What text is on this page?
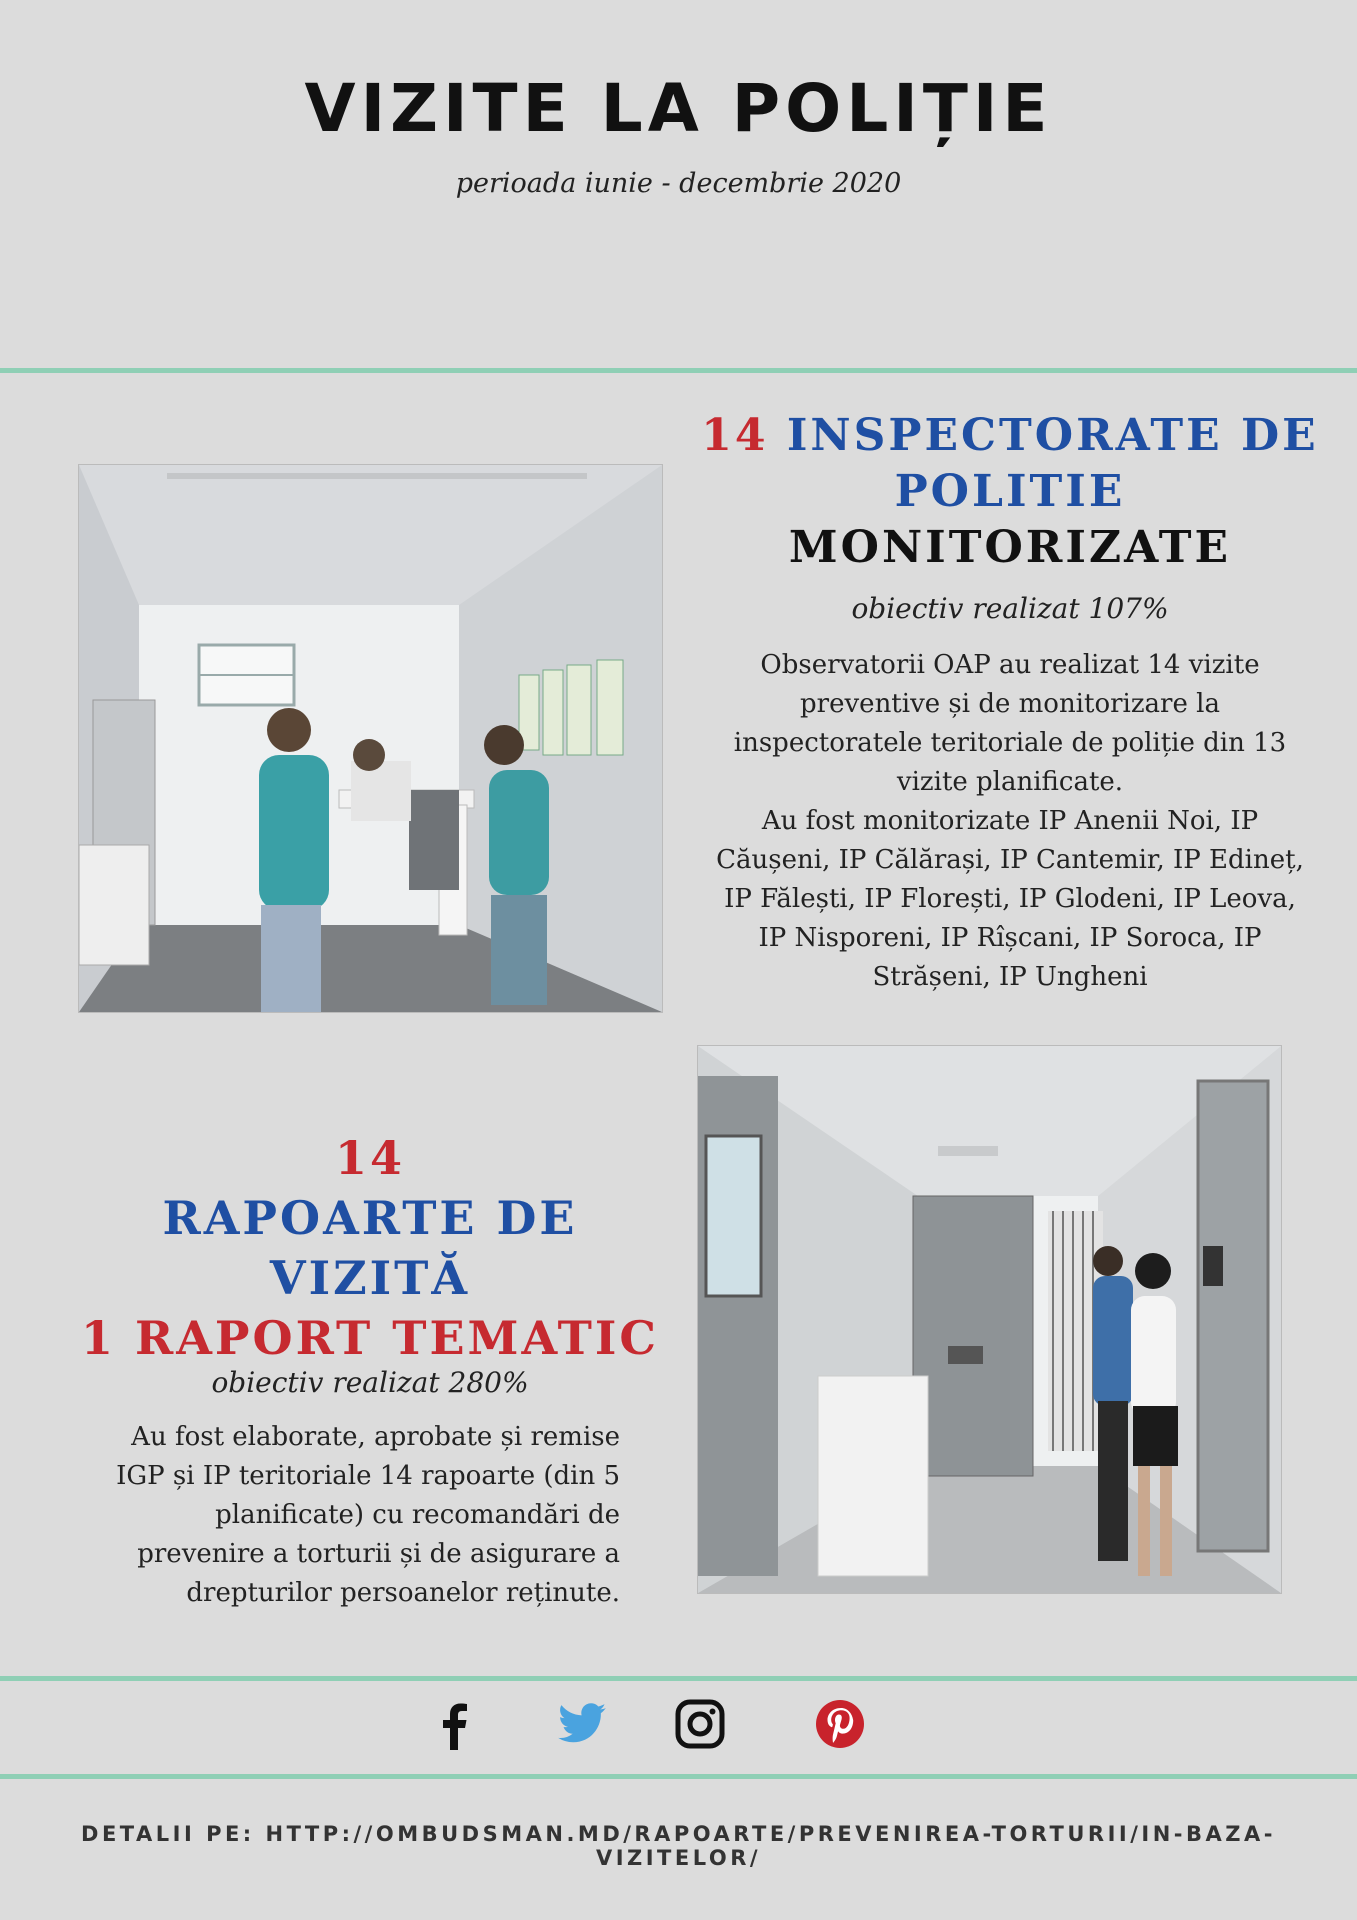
VIZITE LA POLIȚIE
perioada iunie - decembrie 2020
14 INSPECTORATE DE
POLITIE
MONITORIZATE
obiectiv realizat 107%
Observatorii OAP au realizat 14 vizite
preventive și de monitorizare la
inspectoratele teritoriale de poliție din 13
vizite planificate.
Au fost monitorizate IP Anenii Noi, IP
Căușeni, IP Călărași, IP Cantemir, IP Edineț,
IP Fălești, IP Florești, IP Glodeni, IP Leova,
IP Nisporeni, IP Rîșcani, IP Soroca, IP
Strășeni, IP Ungheni
14
RAPOARTE DE
VIZITĂ
1 RAPORT TEMATIC
obiectiv realizat 280%
Au fost elaborate, aprobate și remise
IGP și IP teritoriale 14 rapoarte (din 5
planificate) cu recomandări de
prevenire a torturii și de asigurare a
drepturilor persoanelor reținute.
DETALII PE: HTTP://OMBUDSMAN.MD/RAPOARTE/PREVENIREA-TORTURII/IN-BAZA-VIZITELOR/
